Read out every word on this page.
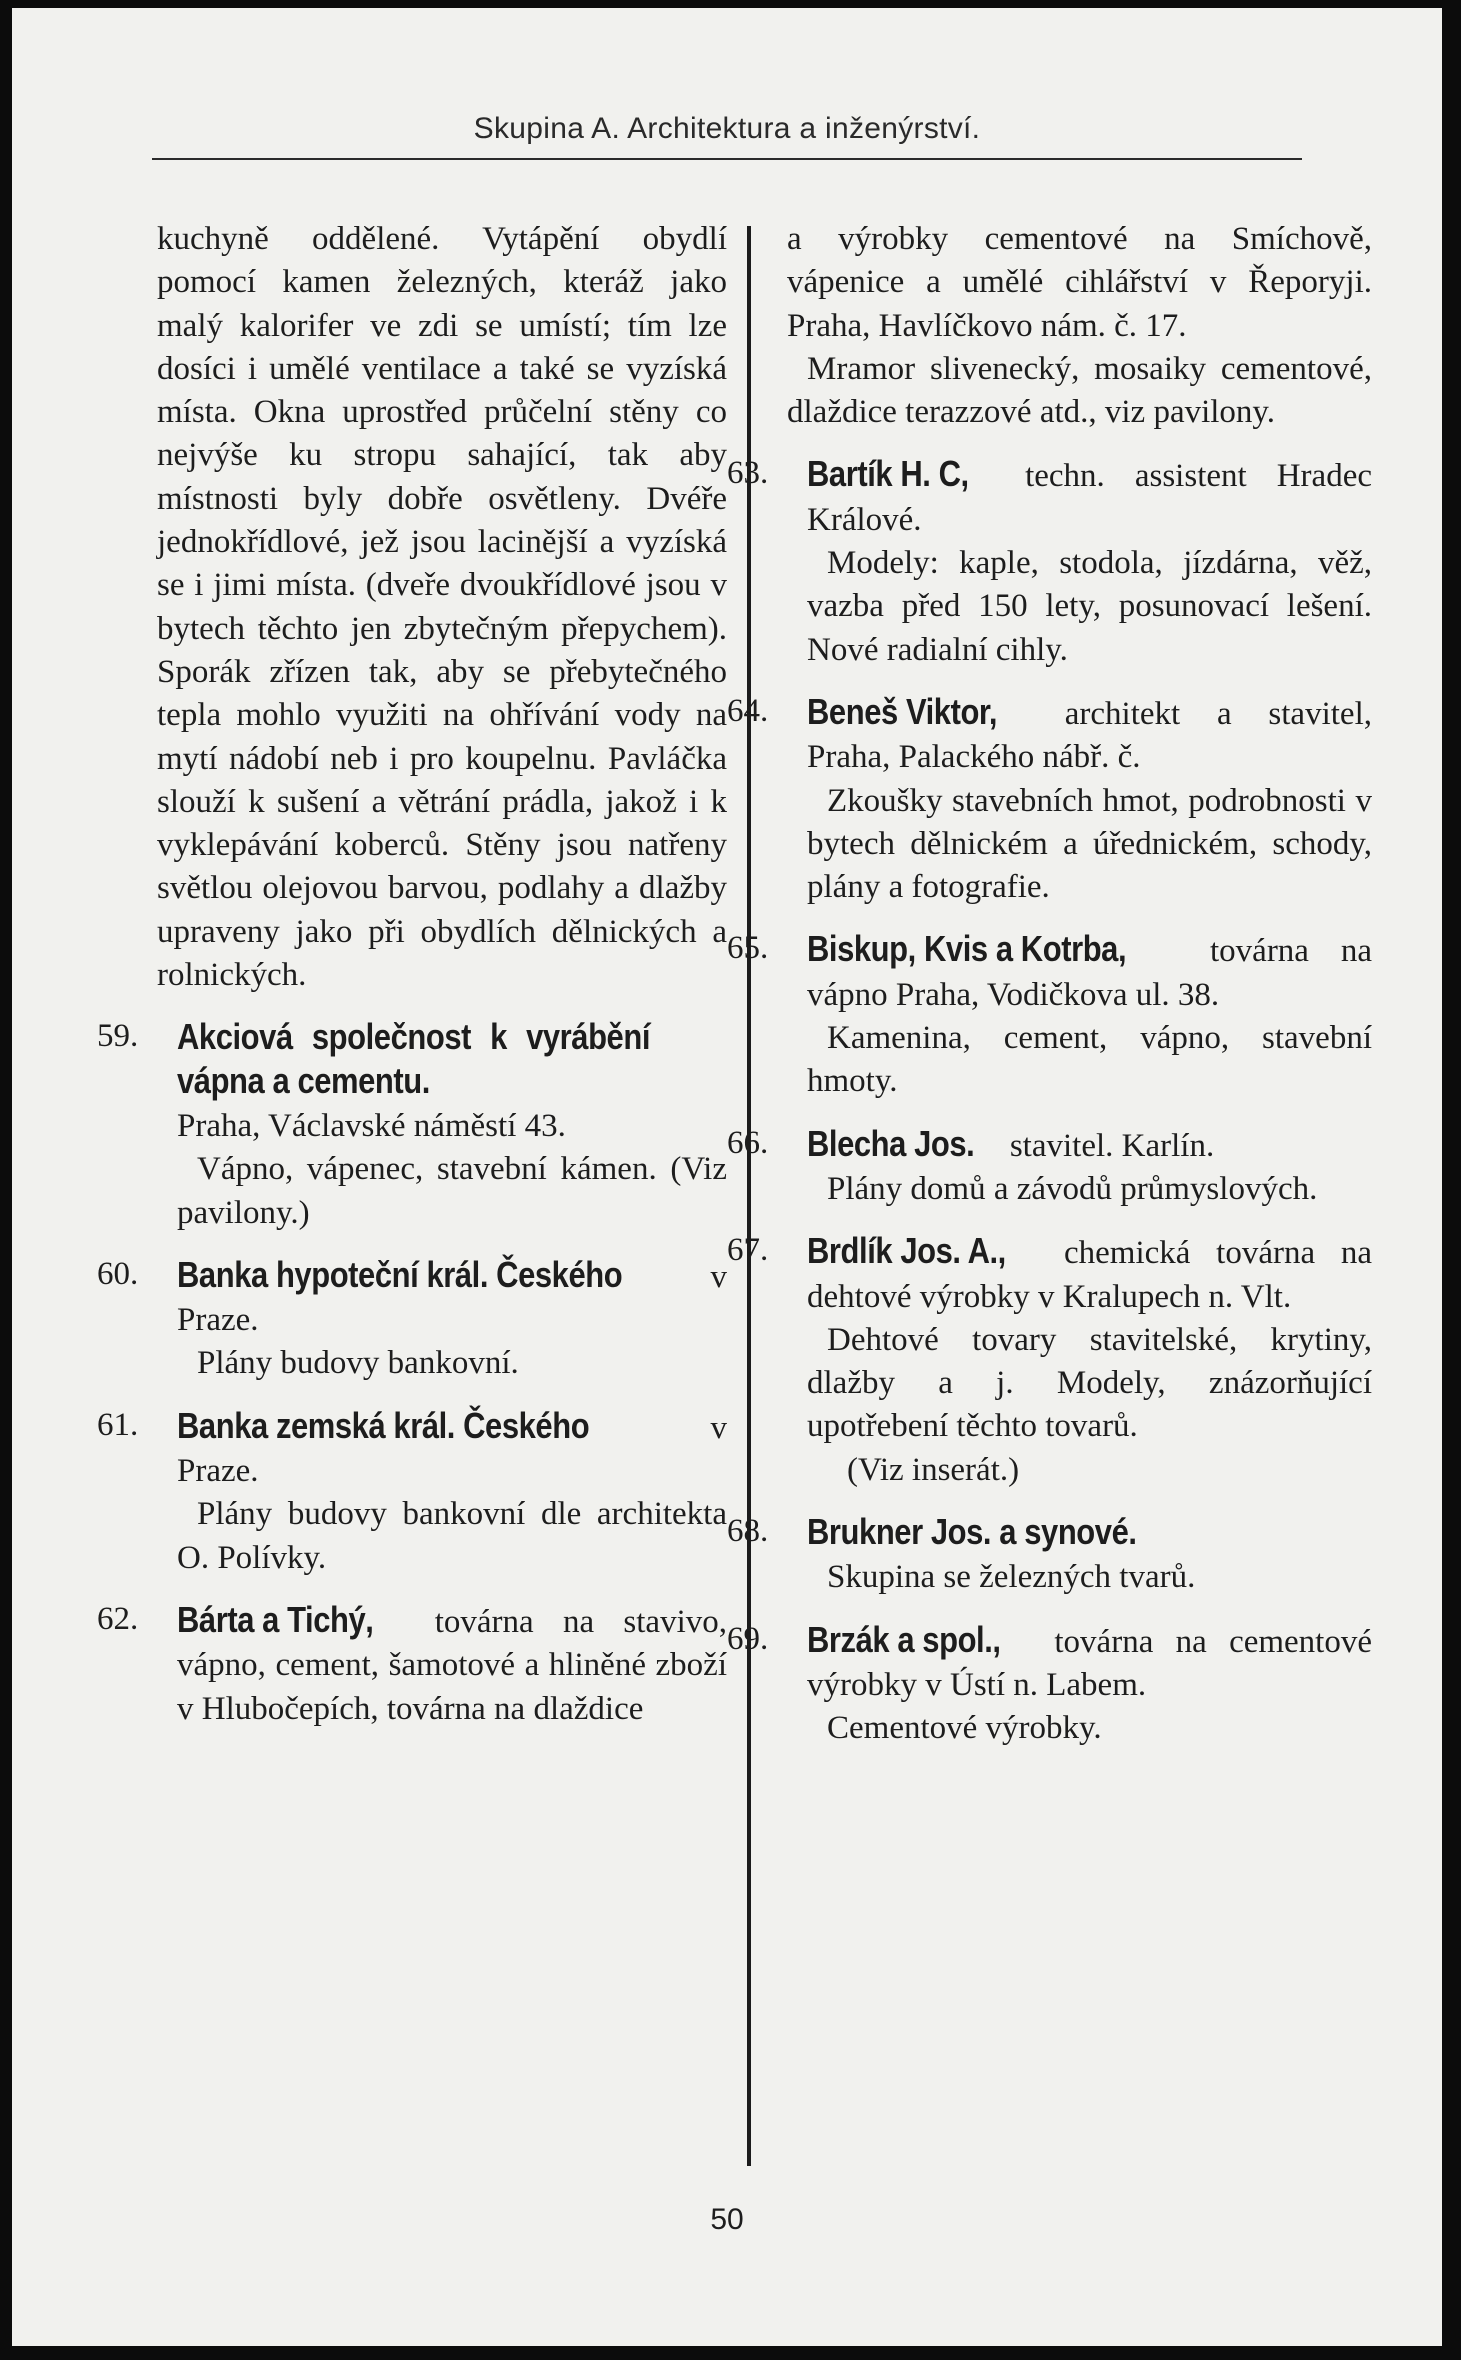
Skupina A. Architektura a inženýrství.

kuchyně oddělené. Vytápění obydlí pomocí kamen železných, kteráž jako malý kalorifer ve zdi se umístí; tím lze dosíci i umělé ventilace a také se vyzíská místa. Okna uprostřed průčelní stěny co nejvýše ku stropu sahající, tak aby místnosti byly dobře osvětleny. Dvéře jednokřídlové, jež jsou lacinější a vyzíská se i jimi místa. (dveře dvoukřídlové jsou v bytech těchto jen zbytečným přepychem). Sporák zřízen tak, aby se přebytečného tepla mohlo využiti na ohřívání vody na mytí nádobí neb i pro koupelnu. Pavláčka slouží k sušení a větrání prádla, jakož i k vyklepávání koberců. Stěny jsou natřeny světlou olejovou barvou, podlahy a dlažby upraveny jako při obydlích dělnických a rolnických.

59.	Akciová společnost k vyrábění vápna a cementu. Praha, Václavské náměstí 43.

Vápno, vápenec, stavební kámen. (Viz pavilony.)

60.	Banka hypoteční král. Českého v Praze.

Plány budovy bankovní.

61.	Banka zemská král. Českého v Praze.

Plány budovy bankovní dle architekta O. Polívky.

62.	Bárta a Tichý, továrna na stavivo, vápno, cement, šamotové a hliněné zboží v Hlubočepích, továrna na dlaždice

a výrobky cementové na Smíchově, vápenice a umělé cihlářství v Řeporyji. Praha, Havlíčkovo nám. č. 17.

Mramor slivenecký, mosaiky cementové, dlaždice terazzové atd., viz pavilony.

63.	Bartík H. C, techn. assistent Hradec Králové.

Modely: kaple, stodola, jízdárna, věž, vazba před 150 lety, posunovací lešení. Nové radialní cihly.

64.	Beneš Viktor, architekt a stavitel, Praha, Palackého nábř. č.

Zkoušky stavebních hmot, podrobnosti v bytech dělnickém a úřednickém, schody, plány a fotografie.

65.	Biskup, Kvis a Kotrba, továrna na vápno Praha, Vodičkova ul. 38.

Kamenina, cement, vápno, stavební hmoty.

66.	Blecha Jos. stavitel. Karlín.

Plány domů a závodů průmyslových.

67.	Brdlík Jos. A., chemická továrna na dehtové výrobky v Kralupech n. Vlt.

Dehtové tovary stavitelské, krytiny, dlažby a j. Modely, znázorňující upotřebení těchto tovarů.

(Viz inserát.)

68.	Brukner Jos. a synové.

Skupina se železných tvarů.

69.	Brzák a spol., továrna na cementové výrobky v Ústí n. Labem.

Cementové výrobky.

50
